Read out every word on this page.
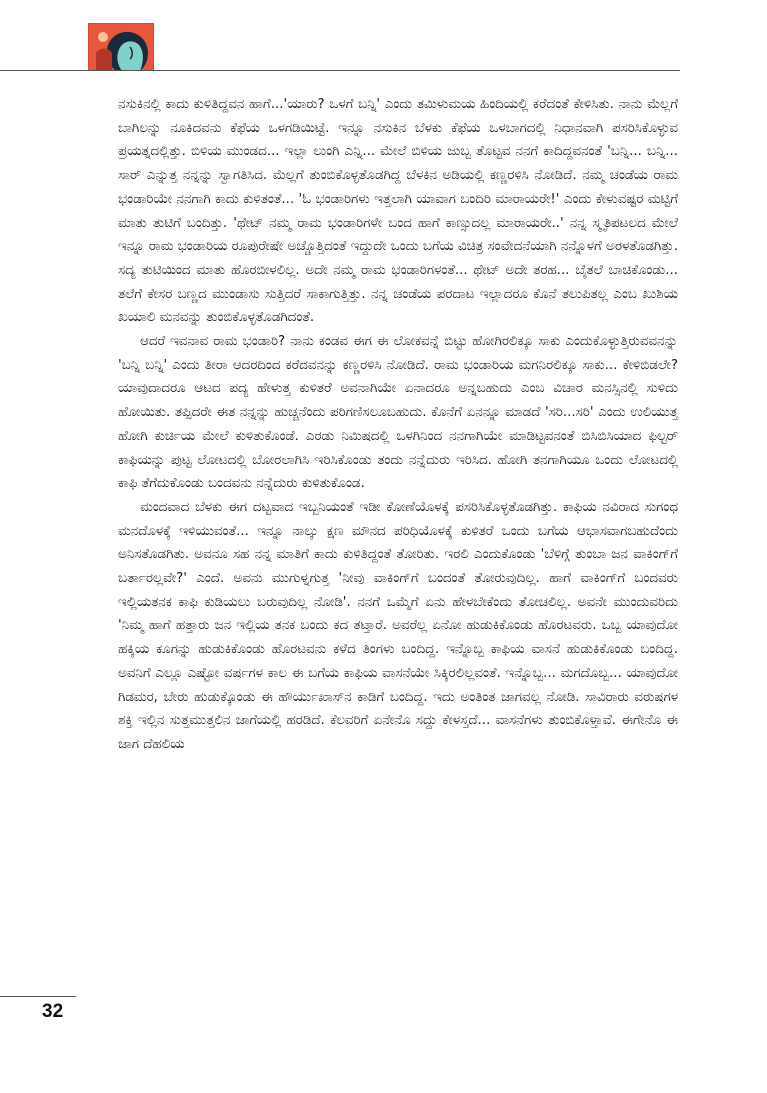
ನಸುಕಿನಲ್ಲಿ ಕಾದು ಕುಳಿತಿದ್ದವನ ಹಾಗೆ...'ಯಾರು? ಒಳಗೆ ಬನ್ನಿ' ಎಂದು ತಮಿಳುಮಯ ಹಿಂದಿಯಲ್ಲಿ ಕರೆದಂತೆ ಕೇಳಿಸಿತು. ನಾನು ಮೆಲ್ಲಗೆ ಬಾಗಿಲನ್ನು ನೂಕಿದವನು ಕೆಫೆಯ ಒಳಗಡಿಯಿಟ್ಟೆ. ಇನ್ನೂ ನಸುಕಿನ ಬೆಳಕು ಕೆಫೆಯ ಒಳಬಾಗದಲ್ಲಿ ನಿಧಾನವಾಗಿ ಪಸರಿಸಿಕೊಳ್ಳುವ ಪ್ರಯತ್ನದಲ್ಲಿತ್ತು. ಬಿಳಿಯ ಮುಂಡದ... ಇಲ್ಲಾ ಲುಂಗಿ ಎನ್ನಿ... ಮೇಲೆ ಬಿಳಿಯ ಜುಬ್ಬ ತೊಟ್ಟವ ನನಗೆ ಕಾದಿದ್ದವನಂತೆ 'ಬನ್ನಿ... ಬನ್ನಿ... ಸಾರ್ ಎನ್ನುತ್ತ ನನ್ನನ್ನು ಸ್ವಾಗತಿಸಿದ. ಮೆಲ್ಲಗೆ ತುಂಬಿಕೊಳ್ಳತೊಡಗಿದ್ದ ಬೆಳಕಿನ ಅಡಿಯಲ್ಲಿ ಕಣ್ಣರಳಿಸಿ ನೋಡಿದೆ. ನಮ್ಮ ಚಂಡೆಯ ರಾಮ ಭಂಡಾರಿಯೇ ನನಗಾಗಿ ಕಾದು ಕುಳಿತಂತೆ... 'ಓ ಭಂಡಾರಿಗಳು ಇತ್ತಲಾಗಿ ಯಾವಾಗ ಬಂದಿರಿ ಮಾರಾಯರೇ!' ಎಂದು ಕೇಳುವಷ್ಟರ ಮಟ್ಟಿಗೆ ಮಾತು ತುಟಿಗೆ ಬಂದಿತ್ತು. 'ಥೇಟ್ ನಮ್ಮ ರಾಮ ಭಂಡಾರಿಗಳೇ ಬಂದ ಹಾಗೆ ಕಾಣ್ಸುದಲ್ಲ ಮಾರಾಯರೇ..' ನನ್ನ ಸ್ಮೃತಿಪಟಲದ ಮೇಲೆ ಇನ್ನೂ ರಾಮ ಭಂಡಾರಿಯ ರೂಪುರೇಷೇ ಅಚ್ಚೊತ್ತಿದಂತೆ ಇದ್ದುದೇ ಒಂದು ಬಗೆಯ ವಿಚಿತ್ರ ಸಂವೇದನೆಯಾಗಿ ನನ್ನೊಳಗೆ ಅರಳತೊಡಗಿತ್ತು. ಸದ್ಯ ತುಟಿಯಿಂದ ಮಾತು ಹೊರಬೀಳಲಿಲ್ಲ. ಅದೇ ನಮ್ಮ ರಾಮ ಭಂಡಾರಿಗಳಂತೆ... ಥೇಟ್ ಅದೇ ತರಹ... ಬೈತಲೆ ಬಾಚಿಕೊಂಡು... ತಲೆಗೆ ಕೇಸರ ಬಣ್ಣದ ಮುಂಡಾಸು ಸುತ್ತಿದರೆ ಸಾಕಾಗುತ್ತಿತ್ತು. ನನ್ನ ಚಂಡೆಯ ಪರದಾಟ ಇಲ್ಲಾದರೂ ಕೊನೆ ತಲುಪಿತಲ್ಲ ಎಂಬ ಖುಶಿಯ ಖಯಾಲಿ ಮನವನ್ನು ತುಂಬಿಕೊಳ್ಳತೊಡಗಿದಂತೆ.

ಆದರೆ ಇವನಾವ ರಾಮ ಭಂಡಾರಿ? ನಾನು ಕಂಡವ ಈಗ ಈ ಲೋಕವನ್ನೆ ಬಿಟ್ಟು ಹೋಗಿರಲಿಕ್ಕೂ ಸಾಕು ಎಂದುಕೊಳ್ಳುತ್ತಿರುವವನನ್ನು 'ಬನ್ನಿ ಬನ್ನಿ' ಎಂದು ತೀರಾ ಆದರದಿಂದ ಕರೆದವನನ್ನು ಕಣ್ಣರಳಿಸಿ ನೋಡಿದೆ. ರಾಮ ಭಂಡಾರಿಯ ಮಗನಿರಲಿಕ್ಕೂ ಸಾಕು... ಕೇಳಿಬಿಡಲೇ? ಯಾವುದಾದರೂ ಆಟದ ಪದ್ಯ ಹೇಳುತ್ತ ಕುಳಿತರೆ ಅವನಾಗಿಯೇ ಏನಾದರೂ ಅನ್ನಬಹುದು ಎಂಬ ವಿಚಾರ ಮನಸ್ಸಿನಲ್ಲಿ ಸುಳಿದು ಹೋಯಿತು. ತಪ್ಪಿದರೇ ಈತ ನನ್ನನ್ನು ಹುಚ್ಚನೆಂದು ಪರಿಗಣಿಸಲೂಬಹುದು. ಕೊನೆಗೆ ಏನನ್ನೂ ಮಾಡದೆ 'ಸರಿ...ಸರಿ' ಎಂದು ಉಲಿಯುತ್ತ ಹೋಗಿ ಕುರ್ಚಿಯ ಮೇಲೆ ಕುಳಿತುಕೊಂಡೆ. ಎರಡು ನಿಮಿಷದಲ್ಲಿ ಒಳಗಿನಿಂದ ನನಗಾಗಿಯೇ ಮಾಡಿಟ್ಟವನಂತೆ ಬಿಸಿಬಿಸಿಯಾದ ಫಿಲ್ಟರ್ ಕಾಫಿಯನ್ನು ಪುಟ್ಟ ಲೋಟದಲ್ಲಿ ಬೋರಲಾಗಿಸಿ ಇರಿಸಿಕೊಂಡು ತಂದು ನನ್ನೆದುರು ಇರಿಸಿದ. ಹೋಗಿ ತನಗಾಗಿಯೂ ಒಂದು ಲೋಟದಲ್ಲಿ ಕಾಫಿ ತೆಗೆದುಕೊಂಡು ಬಂದವನು ನನ್ನೆದುರು ಕುಳಿತುಕೊಂಡ.

ಮಂದವಾದ ಬೆಳಕು ಈಗ ದಟ್ಟವಾದ ಇಬ್ಬನಿಯಂತೆ ಇಡೀ ಕೋಣೆಯೊಳಕ್ಕೆ ಪಸರಿಸಿಕೊಳ್ಳತೊಡಗಿತ್ತು. ಕಾಫಿಯ ನವಿರಾದ ಸುಗಂಧ ಮನದೊಳಕ್ಕೆ ಇಳಿಯುವಂತೆ... ಇನ್ನೂ ನಾಲ್ಕು ಕ್ಷಣ ಮೌನದ ಪರಿಧಿಯೊಳಕ್ಕೆ ಕುಳಿತರೆ ಒಂದು ಬಗೆಯ ಆಭಾಸವಾಗಬಹುದೆಂದು ಅನಿಸತೊಡಗಿತು. ಅವನೂ ಸಹ ನನ್ನ ಮಾತಿಗೆ ಕಾದು ಕುಳಿತಿದ್ದಂತೆ ತೋರಿತು. ಇರಲಿ ಎಂದುಕೊಂಡು 'ಬೆಳಿಗ್ಗೆ ತುಂಬಾ ಜನ ವಾಕಿಂಗ್‌ಗೆ ಬರ್ತಾರಲ್ಲವೇ?' ಎಂದೆ. ಅವನು ಮುಗುಳ್ನಗುತ್ತ 'ನೀವು ವಾಕಿಂಗ್‌ಗೆ ಬಂದಂತೆ ತೋರುವುದಿಲ್ಲ. ಹಾಗೆ ವಾಕಿಂಗ್‌ಗೆ ಬಂದವರು ಇಲ್ಲಿಯತನಕ ಕಾಫಿ ಕುಡಿಯಲು ಬರುವುದಿಲ್ಲ ನೋಡಿ'. ನನಗೆ ಒಮ್ಮೆಗೆ ಏನು ಹೇಳಬೇಕೆಂದು ತೋಚಲಿಲ್ಲ. ಅವನೇ ಮುಂದುವರಿದು 'ನಿಮ್ಮ ಹಾಗೆ ಹತ್ತಾರು ಜನ ಇಲ್ಲಿಯ ತನಕ ಬಂದು ಕದ ತಟ್ತಾರೆ. ಅವರೆಲ್ಲ ಏನೋ ಹುಡುಕಿಕೊಂಡು ಹೊರಟವರು. ಒಬ್ಬ ಯಾವುದೋ ಹಕ್ಕಿಯ ಕೂಗನ್ನು ಹುಡುಕಿಕೊಂಡು ಹೊರಟವನು ಕಳೆದ ತಿಂಗಳು ಬಂದಿದ್ದ. ಇನ್ನೊಬ್ಬ ಕಾಫಿಯ ವಾಸನೆ ಹುಡುಕಿಕೊಂಡು ಬಂದಿದ್ದ. ಅವನಿಗೆ ಎಲ್ಲೂ ಎಷ್ಟೋ ವರ್ಷಗಳ ಕಾಲ ಈ ಬಗೆಯ ಕಾಫಿಯ ವಾಸನೆಯೇ ಸಿಕ್ಕಿರಲಿಲ್ಲವಂತೆ. ಇನ್ನೊಬ್ಬ... ಮಗದೊಬ್ಬ... ಯಾವುದೋ ಗಿಡಮರ, ಬೇರು ಹುಡುಕ್ಕೊಂಡು ಈ ಹೌರ್ಯುಖಾಸ್‌ನ ಕಾಡಿಗೆ ಬಂದಿದ್ದ. ಇದು ಅಂತಿಂತ ಜಾಗವಲ್ಲ ನೋಡಿ. ಸಾವಿರಾರು ವರುಷಗಳ ಶಕ್ತಿ ಇಲ್ಲಿನ ಸುತ್ತಮುತ್ತಲಿನ ಜಾಗೆಯಲ್ಲಿ ಹರಡಿದೆ. ಕೆಲವರಿಗೆ ಏನೇನೊ ಸದ್ದು ಕೇಳಸ್ತದೆ... ವಾಸನೆಗಳು ತುಂಬಿಕೊಳ್ತಾವೆ. ಈಗೇನೊ ಈ ಜಾಗ ದೆಹಲಿಯ

32
